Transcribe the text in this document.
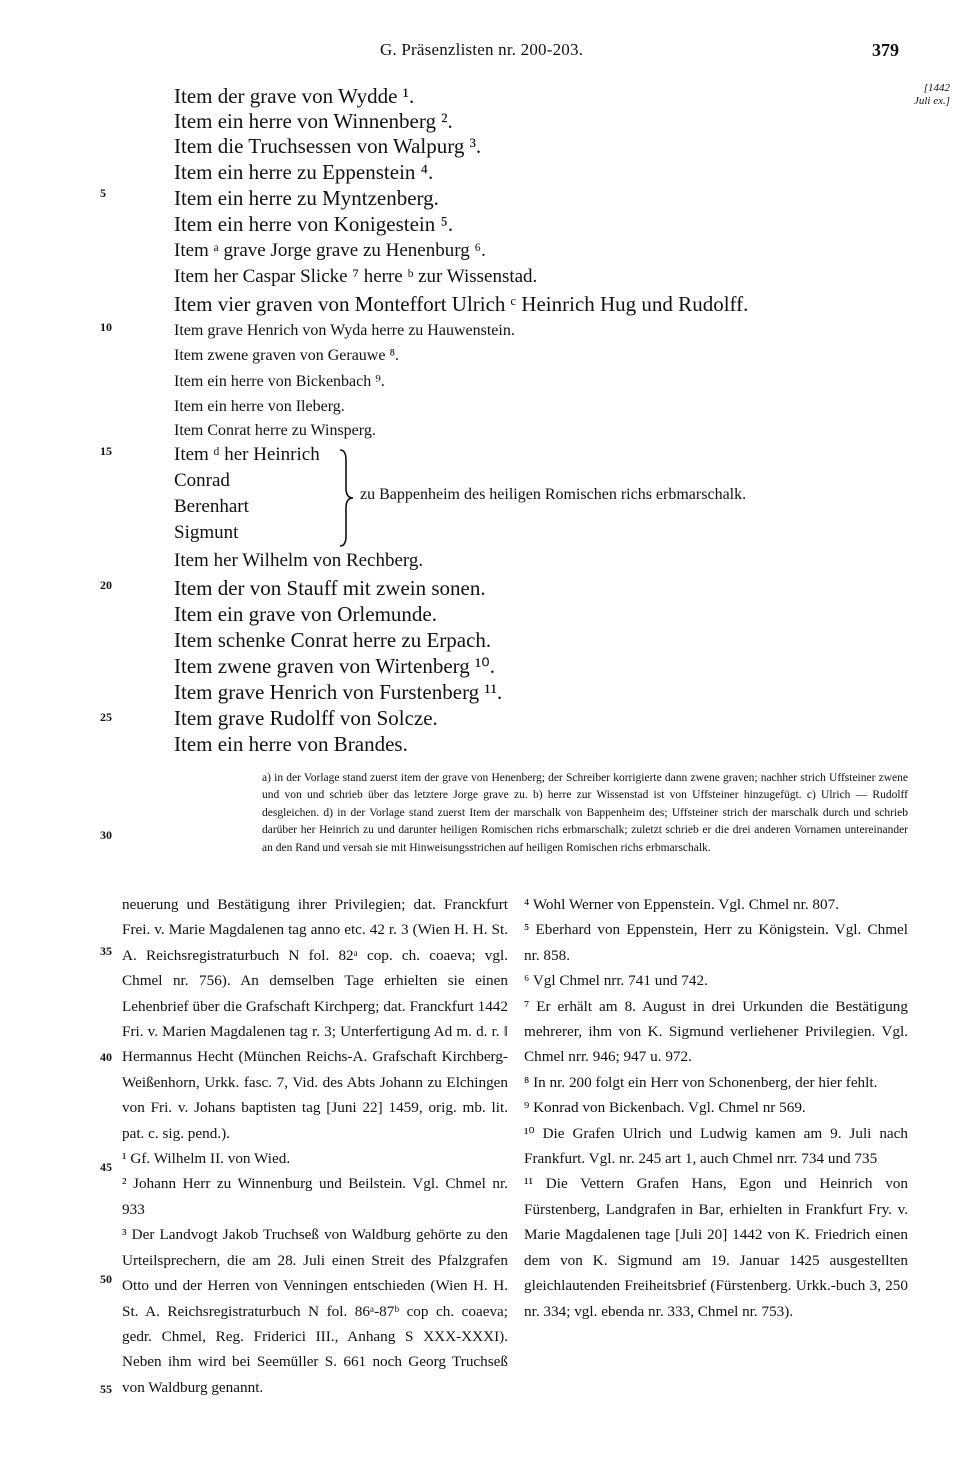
G. Präsenzlisten nr. 200-203.	379
[1442
Juli ex.]
5
10
15
20
25
30
35
40
45
50
55
Item der grave von Wydde ¹.
Item ein herre von Winnenberg ².
Item die Truchsessen von Walpurg ³.
Item ein herre zu Eppenstein ⁴.
Item ein herre zu Myntzenberg.
Item ein herre von Konigestein ⁵.
Item ᵃ grave Jorge grave zu Henenburg ⁶.
Item her Caspar Slicke ⁷ herre ᵇ zur Wissenstad.
Item vier graven von Monteffort Ulrich ᶜ Heinrich Hug und Rudolff.
Item grave Henrich von Wyda herre zu Hauwenstein.
Item zwene graven von Gerauwe ⁸.
Item ein herre von Bickenbach ⁹.
Item ein herre von Ileberg.
Item Conrat herre zu Winsperg.
Item ᵈ her Heinrich
Conrad
Berenhart
Sigmunt
Item her Wilhelm von Rechberg.
Item der von Stauff mit zwein sonen.
Item ein grave von Orlemunde.
Item schenke Conrat herre zu Erpach.
Item zwene graven von Wirtenberg ¹⁰.
Item grave Henrich von Furstenberg ¹¹.
Item grave Rudolff von Solcze.
Item ein herre von Brandes.
zu Bappenheim des heiligen Romischen richs erbmarschalk.
a) in der Vorlage stand zuerst item der grave von Henenberg; der Schreiber korrigierte dann zwene graven; nachher strich Uffsteiner zwene und von und schrieb über das letztere Jorge grave zu. b) herre zur Wissenstad ist von Uffsteiner hinzugefügt. c) Ulrich — Rudolff desgleichen. d) in der Vorlage stand zuerst Item der marschalk von Bappenheim des; Uffsteiner strich der marschalk durch und schrieb darüber her Heinrich zu und darunter heiligen Romischen richs erbmarschalk; zuletzt schrieb er die drei anderen Vornamen untereinander an den Rand und versah sie mit Hinweisungsstrichen auf heiligen Romischen richs erbmarschalk.

neuerung und Bestätigung ihrer Privilegien; dat. Franckfurt Frei. v. Marie Magdalenen tag anno etc. 42 r. 3 (Wien H. H. St. A. Reichsregistraturbuch N fol. 82ᵃ cop. ch. coaeva; vgl. Chmel nr. 756). An demselben Tage erhielten sie einen Lehenbrief über die Grafschaft Kirchperg; dat. Franckfurt 1442 Fri. v. Marien Magdalenen tag r. 3; Unterfertigung Ad m. d. r. ‖ Hermannus Hecht (München Reichs-A. Grafschaft Kirchberg-Weißenhorn, Urkk. fasc. 7, Vid. des Abts Johann zu Elchingen von Fri. v. Johans baptisten tag [Juni 22] 1459, orig. mb. lit. pat. c. sig. pend.).

¹ Gf. Wilhelm II. von Wied.

² Johann Herr zu Winnenburg und Beilstein. Vgl. Chmel nr. 933

³ Der Landvogt Jakob Truchseß von Waldburg gehörte zu den Urteilsprechern, die am 28. Juli einen Streit des Pfalzgrafen Otto und der Herren von Venningen entschieden (Wien H. H. St. A. Reichsregistraturbuch N fol. 86ᵃ-87ᵇ cop ch. coaeva; gedr. Chmel, Reg. Friderici III., Anhang S XXX-XXXI). Neben ihm wird bei Seemüller S. 661 noch Georg Truchseß von Waldburg genannt.

⁴ Wohl Werner von Eppenstein. Vgl. Chmel nr. 807.

⁵ Eberhard von Eppenstein, Herr zu Königstein. Vgl. Chmel nr. 858.

⁶ Vgl Chmel nrr. 741 und 742.

⁷ Er erhält am 8. August in drei Urkunden die Bestätigung mehrerer, ihm von K. Sigmund verliehener Privilegien. Vgl. Chmel nrr. 946; 947 u. 972.

⁸ In nr. 200 folgt ein Herr von Schonenberg, der hier fehlt.

⁹ Konrad von Bickenbach. Vgl. Chmel nr 569.

¹⁰ Die Grafen Ulrich und Ludwig kamen am 9. Juli nach Frankfurt. Vgl. nr. 245 art 1, auch Chmel nrr. 734 und 735

¹¹ Die Vettern Grafen Hans, Egon und Heinrich von Fürstenberg, Landgrafen in Bar, erhielten in Frankfurt Fry. v. Marie Magdalenen tage [Juli 20] 1442 von K. Friedrich einen dem von K. Sigmund am 19. Januar 1425 ausgestellten gleichlautenden Freiheitsbrief (Fürstenberg. Urkk.-buch 3, 250 nr. 334; vgl. ebenda nr. 333, Chmel nr. 753).
